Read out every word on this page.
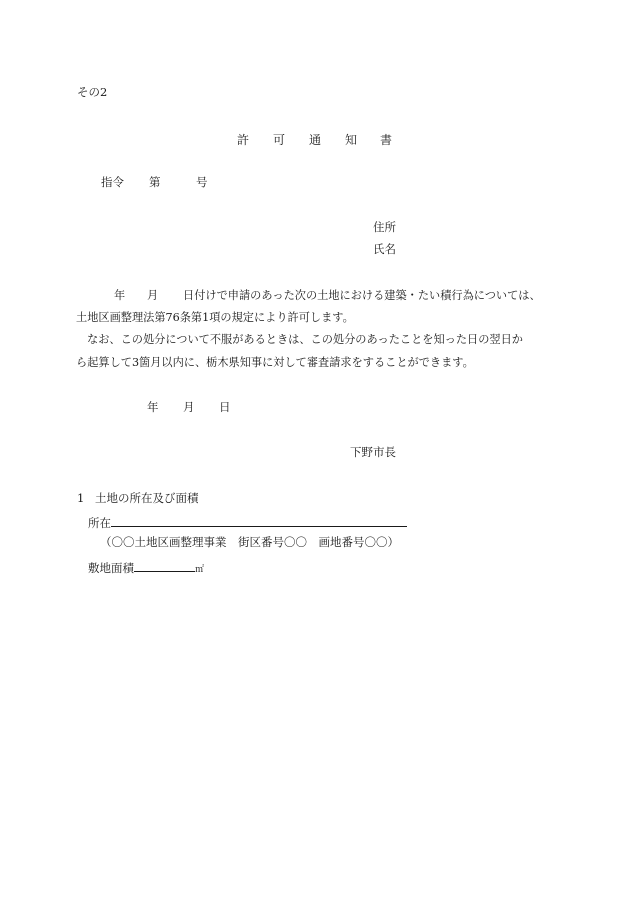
その2
許 可 通 知 書
指令 第	号
住所
氏名
年 月 日付けで申請のあった次の土地における建築・たい積行為については、
土地区画整理法第76条第1項の規定により許可します。
なお、この処分について不服があるときは、この処分のあったことを知った日の翌日か
ら起算して3箇月以内に、栃木県知事に対して審査請求をすることができます。
年 月 日
下野市長
1 土地の所在及び面積
所在
（〇〇土地区画整理事業　街区番号〇〇　画地番号〇〇）
敷地面積	㎡
